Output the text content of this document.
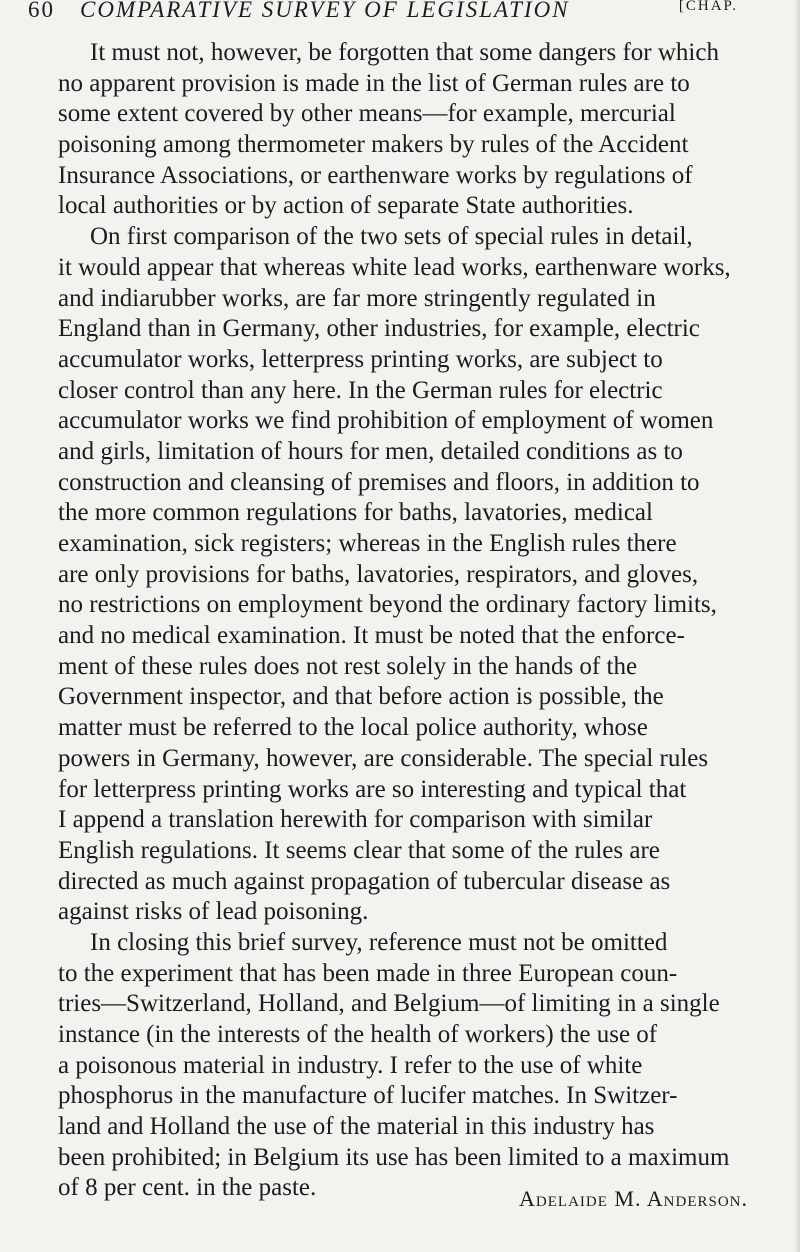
60 COMPARATIVE SURVEY OF LEGISLATION	[CHAP.
It must not, however, be forgotten that some dangers for which
no apparent provision is made in the list of German rules are to
some extent covered by other means—for example, mercurial
poisoning among thermometer makers by rules of the Accident
Insurance Associations, or earthenware works by regulations of
local authorities or by action of separate State authorities.
On first comparison of the two sets of special rules in detail,
it would appear that whereas white lead works, earthenware works,
and indiarubber works, are far more stringently regulated in
England than in Germany, other industries, for example, electric
accumulator works, letterpress printing works, are subject to
closer control than any here. In the German rules for electric
accumulator works we find prohibition of employment of women
and girls, limitation of hours for men, detailed conditions as to
construction and cleansing of premises and floors, in addition to
the more common regulations for baths, lavatories, medical
examination, sick registers; whereas in the English rules there
are only provisions for baths, lavatories, respirators, and gloves,
no restrictions on employment beyond the ordinary factory limits,
and no medical examination. It must be noted that the enforce-
ment of these rules does not rest solely in the hands of the
Government inspector, and that before action is possible, the
matter must be referred to the local police authority, whose
powers in Germany, however, are considerable. The special rules
for letterpress printing works are so interesting and typical that
I append a translation herewith for comparison with similar
English regulations. It seems clear that some of the rules are
directed as much against propagation of tubercular disease as
against risks of lead poisoning.
In closing this brief survey, reference must not be omitted
to the experiment that has been made in three European coun-
tries—Switzerland, Holland, and Belgium—of limiting in a single
instance (in the interests of the health of workers) the use of
a poisonous material in industry. I refer to the use of white
phosphorus in the manufacture of lucifer matches. In Switzer-
land and Holland the use of the material in this industry has
been prohibited; in Belgium its use has been limited to a maximum
of 8 per cent. in the paste.	Adelaide M. Anderson.
